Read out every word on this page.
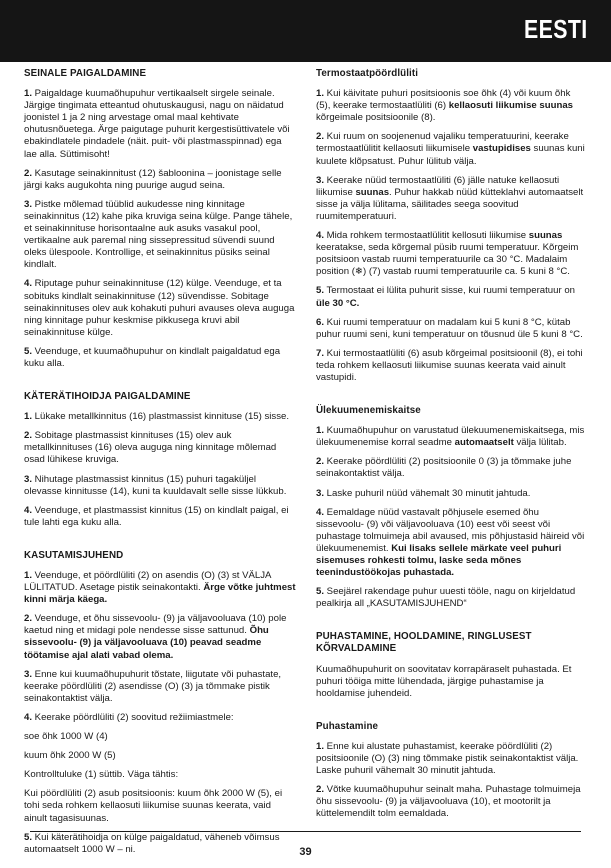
EESTI
SEINALE PAIGALDAMINE
1. Paigaldage kuumaõhupuhur vertikaalselt sirgele seinale. Järgige tingimata etteantud ohutuskaugusi, nagu on näidatud joonistel 1 ja 2 ning arvestage omal maal kehtivate ohutusnõuetega. Ärge paigutage puhurit kergestisüttivatele või ebakindlatele pindadele (näit. puit- või plastmasspinnad) ega lae alla. Süttimisoht!
2. Kasutage seinakinnitust (12) šabloonina – joonistage selle järgi kaks augukohta ning puurige augud seina.
3. Pistke mõlemad tüüblid aukudesse ning kinnitage seinakinnitus (12) kahe pika kruviga seina külge. Pange tähele, et seinakinnituse horisontaalne auk asuks vasakul pool, vertikaalne auk paremal ning sissepressitud süvendi suund oleks ülespoole. Kontrollige, et seinakinnitus püsiks seinal kindlalt.
4. Riputage puhur seinakinnituse (12) külge. Veenduge, et ta sobituks kindlalt seinakinnituse (12) süvendisse. Sobitage seinakinnituses olev auk kohakuti puhuri avauses oleva auguga ning kinnitage puhur keskmise pikkusega kruvi abil seinakinnituse külge.
5. Veenduge, et kuumaõhupuhur on kindlalt paigaldatud ega kuku alla.
KÄTERÄTIHOIDJA PAIGALDAMINE
1. Lükake metallkinnitus (16) plastmassist kinnituse (15) sisse.
2. Sobitage plastmassist kinnituses (15) olev auk metallkinnituses (16) oleva auguga ning kinnitage mõlemad osad lühikese kruviga.
3. Nihutage plastmassist kinnitus (15) puhuri tagaküljel olevasse kinnitusse (14), kuni ta kuuldavalt selle sisse lükkub.
4. Veenduge, et plastmassist kinnitus (15) on kindlalt paigal, ei tule lahti ega kuku alla.
KASUTAMISJUHEND
1. Veenduge, et pöördlüliti (2) on asendis (O) (3) st VÄLJA LÜLITATUD. Asetage pistik seinakontakti. Ärge võtke juhtmest kinni märja käega.
2. Veenduge, et õhu sissevoolu- (9) ja väljavooluava (10) pole kaetud ning et midagi pole nendesse sisse sattunud. Õhu sissevoolu- (9) ja väljavooluava (10) peavad seadme töötamise ajal alati vabad olema.
3. Enne kui kuumaõhupuhurit tõstate, liigutate või puhastate, keerake pöördlüliti (2) asendisse (O) (3) ja tõmmake pistik seinakontaktist välja.
4. Keerake pöördlüliti (2) soovitud režiimiastmele:
soe õhk 1000 W (4)
kuum õhk 2000 W (5)
Kontrolltuluke (1) süttib. Väga tähtis:
Kui pöördlüliti (2) asub positsioonis: kuum õhk 2000 W (5), ei tohi seda rohkem kellaosuti liikumise suunas keerata, vaid ainult tagasisuunas.
5. Kui käterätihoidja on külge paigaldatud, väheneb võimsus automaatselt 1000 W – ni.
Termostaatpöördlüliti
1. Kui käivitate puhuri positsioonis soe õhk (4) või kuum õhk (5), keerake termostaatlüliti (6) kellaosuti liikumise suunas kõrgeimale positsioonile (8).
2. Kui ruum on soojenenud vajaliku temperatuurini, keerake termostaatlülitit kellaosuti liikumisele vastupidises suunas kuni kuulete klõpsatust. Puhur lülitub välja.
3. Keerake nüüd termostaatlüliti (6) jälle natuke kellaosuti liikumise suunas. Puhur hakkab nüüd kütteklahvi automaatselt sisse ja välja lülitama, säilitades seega soovitud ruumitemperatuuri.
4. Mida rohkem termostaatlülitit kellosuti liikumise suunas keeratakse, seda kõrgemal püsib ruumi temperatuur. Kõrgeim positsioon vastab ruumi temperatuurile ca 30 °C. Madalaim position (❄) (7) vastab ruumi temperatuurile ca. 5 kuni 8 °C.
5. Termostaat ei lülita puhurit sisse, kui ruumi temperatuur on üle 30 °C.
6. Kui ruumi temperatuur on madalam kui 5 kuni 8 °C, kütab puhur ruumi seni, kuni temperatuur on tõusnud üle 5 kuni 8 °C.
7. Kui termostaatlüliti (6) asub kõrgeimal positsioonil (8), ei tohi teda rohkem kellaosuti liikumise suunas keerata vaid ainult vastupidi.
Ülekuumenemiskaitse
1. Kuumaõhupuhur on varustatud ülekuumenemiskaitsega, mis ülekuumenemise korral seadme automaatselt välja lülitab.
2. Keerake pöördlüliti (2) positsioonile 0 (3) ja tõmmake juhe seinakontaktist välja.
3. Laske puhuril nüüd vähemalt 30 minutit jahtuda.
4. Eemaldage nüüd vastavalt põhjusele esemed õhu sissevoolu- (9) või väljavooluava (10) eest või seest või puhastage tolmuimeja abil avaused, mis põhjustasid häireid või ülekuumenemist. Kui lisaks sellele märkate veel puhuri sisemuses rohkesti tolmu, laske seda mõnes teenindustöökojas puhastada.
5. Seejärel rakendage puhur uuesti tööle, nagu on kirjeldatud pealkirja all „KASUTAMISJUHEND“
PUHASTAMINE, HOOLDAMINE, RINGLUSEST KÕRVALDAMINE
Kuumaõhupuhurit on soovitatav korrapäraselt puhastada. Et puhuri tööiga mitte lühendada, järgige puhastamise ja hooldamise juhendeid.
Puhastamine
1. Enne kui alustate puhastamist, keerake pöördlüliti (2) positsioonile (O) (3) ning tõmmake pistik seinakontaktist välja. Laske puhuril vähemalt 30 minutit jahtuda.
2. Võtke kuumaõhupuhur seinalt maha. Puhastage tolmuimeja õhu sissevoolu- (9) ja väljavooluava (10), et mootorilt ja küttelemendilt tolm eemaldada.
39
